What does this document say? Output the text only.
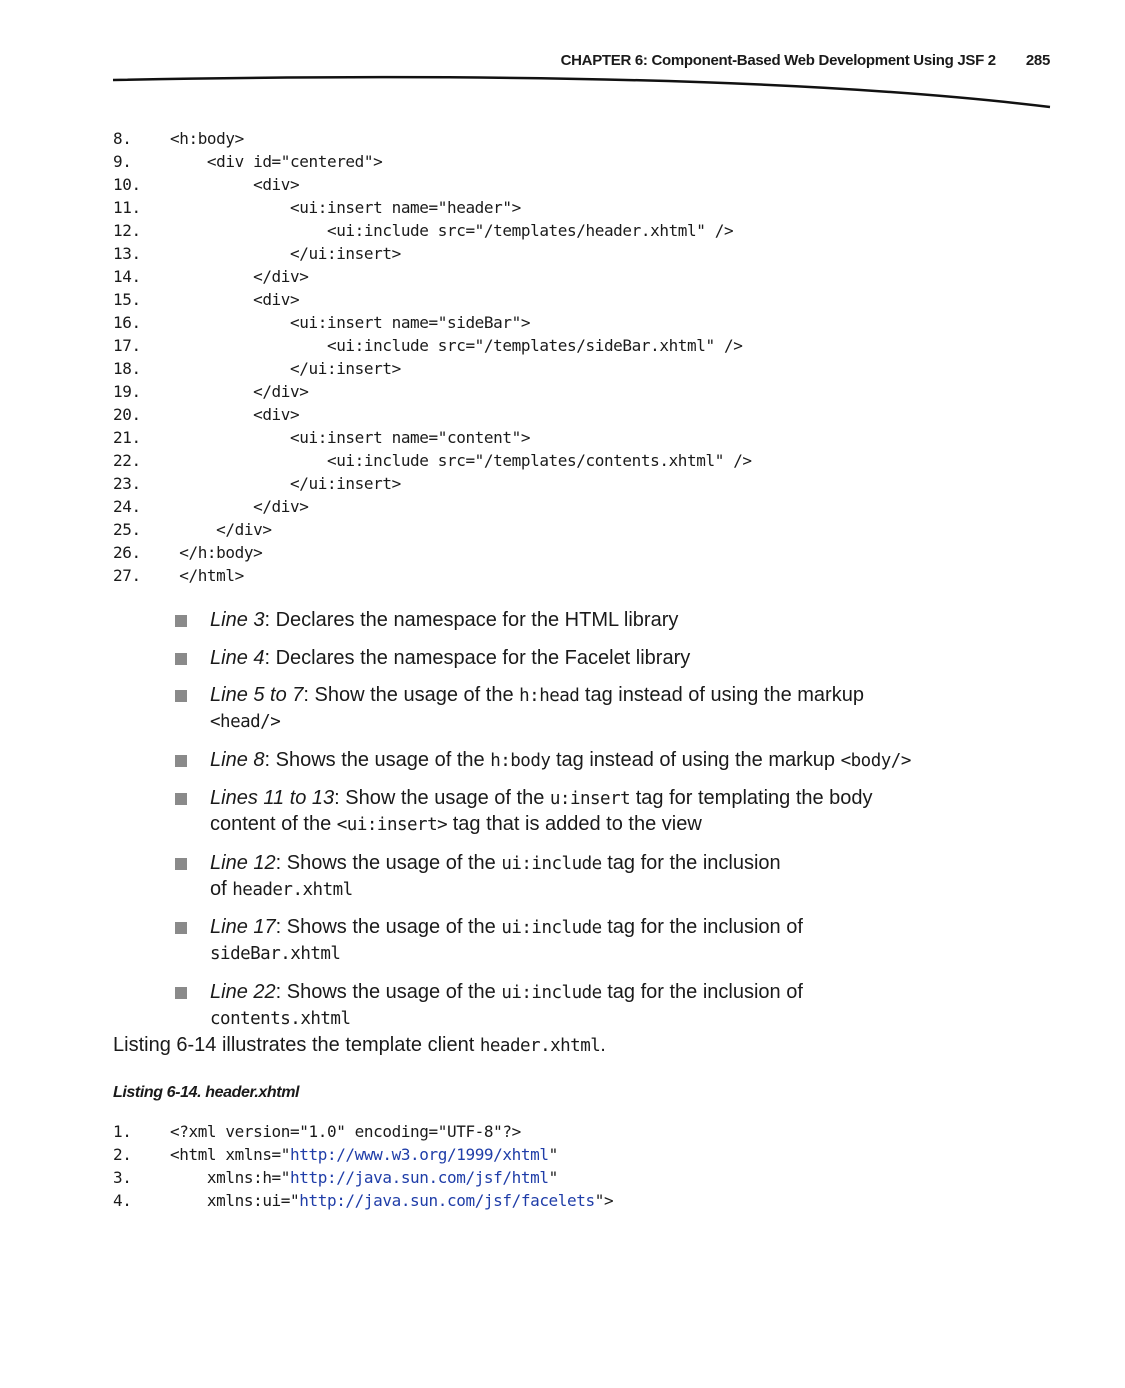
CHAPTER 6: Component-Based Web Development Using JSF 2 285
8. <h:body>
9.    <div id="centered">
10.         <div>
11.             <ui:insert name="header">
12.                 <ui:include src="/templates/header.xhtml" />
13.             </ui:insert>
14.         </div>
15.         <div>
16.             <ui:insert name="sideBar">
17.                 <ui:include src="/templates/sideBar.xhtml" />
18.             </ui:insert>
19.         </div>
20.         <div>
21.             <ui:insert name="content">
22.                 <ui:include src="/templates/contents.xhtml" />
23.             </ui:insert>
24.         </div>
25.     </div>
26. </h:body>
27. </html>
Line 3: Declares the namespace for the HTML library
Line 4: Declares the namespace for the Facelet library
Line 5 to 7: Show the usage of the h:head tag instead of using the markup
<head/>
Line 8: Shows the usage of the h:body tag instead of using the markup <body/>
Lines 11 to 13: Show the usage of the u:insert tag for templating the body
content of the <ui:insert> tag that is added to the view
Line 12: Shows the usage of the ui:include tag for the inclusion
of header.xhtml
Line 17: Shows the usage of the ui:include tag for the inclusion of
sideBar.xhtml
Line 22: Shows the usage of the ui:include tag for the inclusion of
contents.xhtml
Listing 6-14 illustrates the template client header.xhtml.
Listing 6-14. header.xhtml
1. <?xml version="1.0" encoding="UTF-8"?>
2. <html xmlns="http://www.w3.org/1999/xhtml"
3.    xmlns:h="http://java.sun.com/jsf/html"
4.    xmlns:ui="http://java.sun.com/jsf/facelets">
